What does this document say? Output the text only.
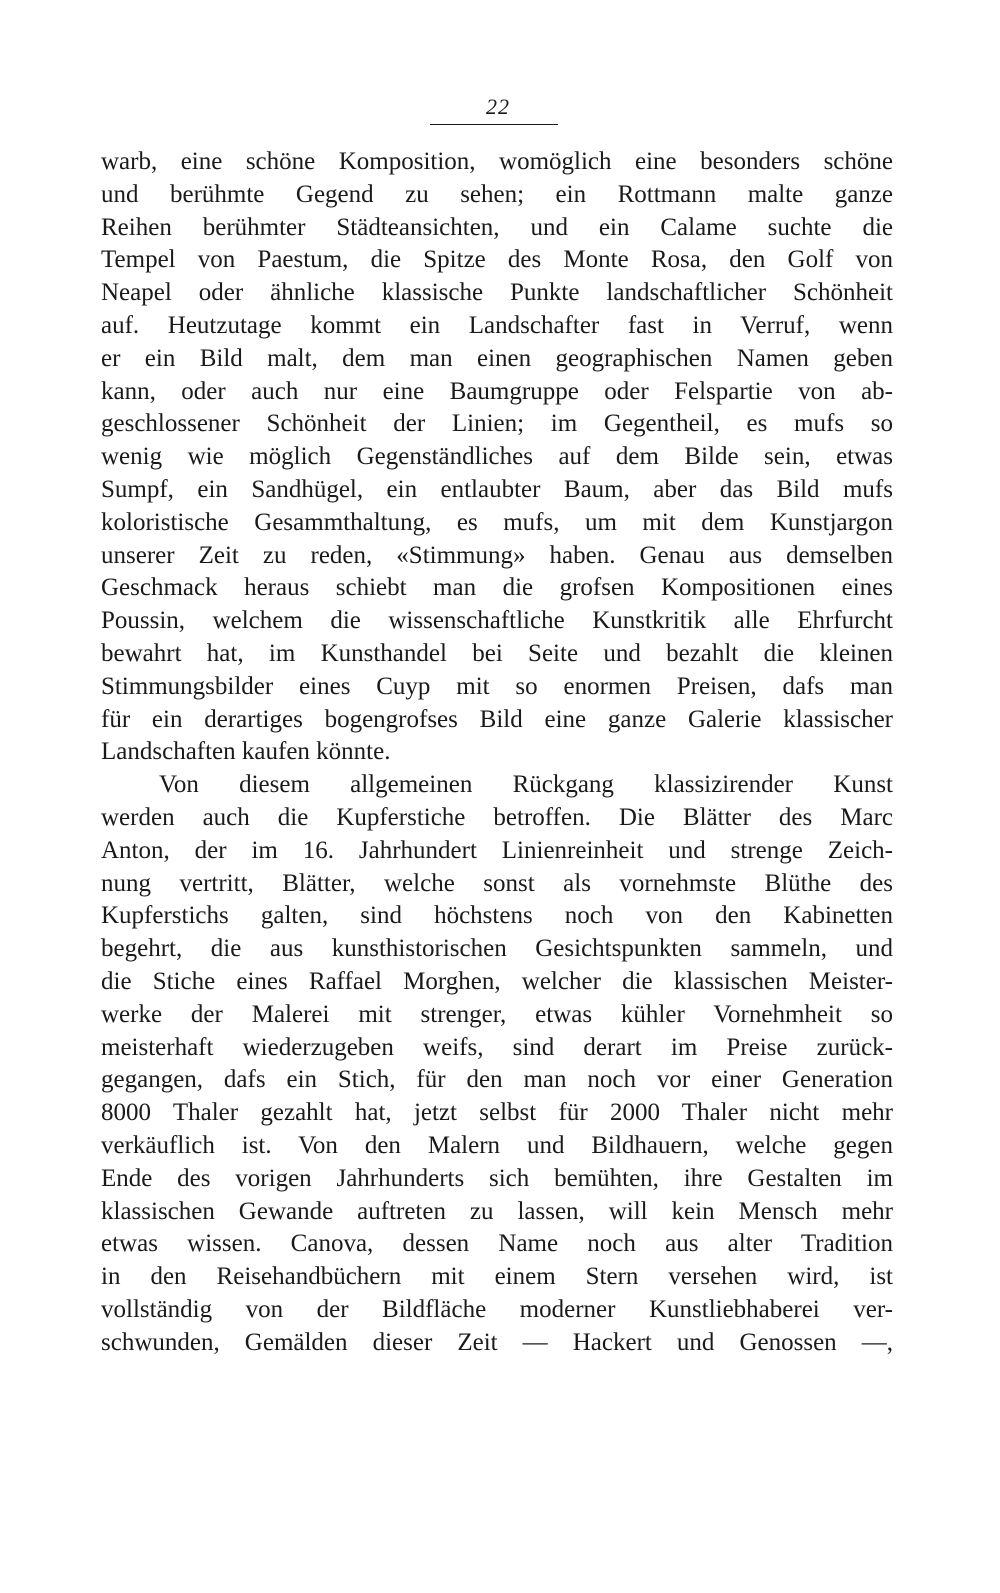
22
warb, eine schöne Komposition, womöglich eine besonders schöne
und berühmte Gegend zu sehen; ein Rottmann malte ganze
Reihen berühmter Städteansichten, und ein Calame suchte die
Tempel von Paestum, die Spitze des Monte Rosa, den Golf von
Neapel oder ähnliche klassische Punkte landschaftlicher Schönheit
auf. Heutzutage kommt ein Landschafter fast in Verruf, wenn
er ein Bild malt, dem man einen geographischen Namen geben
kann, oder auch nur eine Baumgruppe oder Felspartie von ab-
geschlossener Schönheit der Linien; im Gegentheil, es mufs so
wenig wie möglich Gegenständliches auf dem Bilde sein, etwas
Sumpf, ein Sandhügel, ein entlaubter Baum, aber das Bild mufs
koloristische Gesammthaltung, es mufs, um mit dem Kunstjargon
unserer Zeit zu reden, «Stimmung» haben. Genau aus demselben
Geschmack heraus schiebt man die grofsen Kompositionen eines
Poussin, welchem die wissenschaftliche Kunstkritik alle Ehrfurcht
bewahrt hat, im Kunsthandel bei Seite und bezahlt die kleinen
Stimmungsbilder eines Cuyp mit so enormen Preisen, dafs man
für ein derartiges bogengrofses Bild eine ganze Galerie klassischer
Landschaften kaufen könnte.
Von diesem allgemeinen Rückgang klassizirender Kunst
werden auch die Kupferstiche betroffen. Die Blätter des Marc
Anton, der im 16. Jahrhundert Linienreinheit und strenge Zeich-
nung vertritt, Blätter, welche sonst als vornehmste Blüthe des
Kupferstichs galten, sind höchstens noch von den Kabinetten
begehrt, die aus kunsthistorischen Gesichtspunkten sammeln, und
die Stiche eines Raffael Morghen, welcher die klassischen Meister-
werke der Malerei mit strenger, etwas kühler Vornehmheit so
meisterhaft wiederzugeben weifs, sind derart im Preise zurück-
gegangen, dafs ein Stich, für den man noch vor einer Generation
8000 Thaler gezahlt hat, jetzt selbst für 2000 Thaler nicht mehr
verkäuflich ist. Von den Malern und Bildhauern, welche gegen
Ende des vorigen Jahrhunderts sich bemühten, ihre Gestalten im
klassischen Gewande auftreten zu lassen, will kein Mensch mehr
etwas wissen. Canova, dessen Name noch aus alter Tradition
in den Reisehandbüchern mit einem Stern versehen wird, ist
vollständig von der Bildfläche moderner Kunstliebhaberei ver-
schwunden, Gemälden dieser Zeit — Hackert und Genossen —,
